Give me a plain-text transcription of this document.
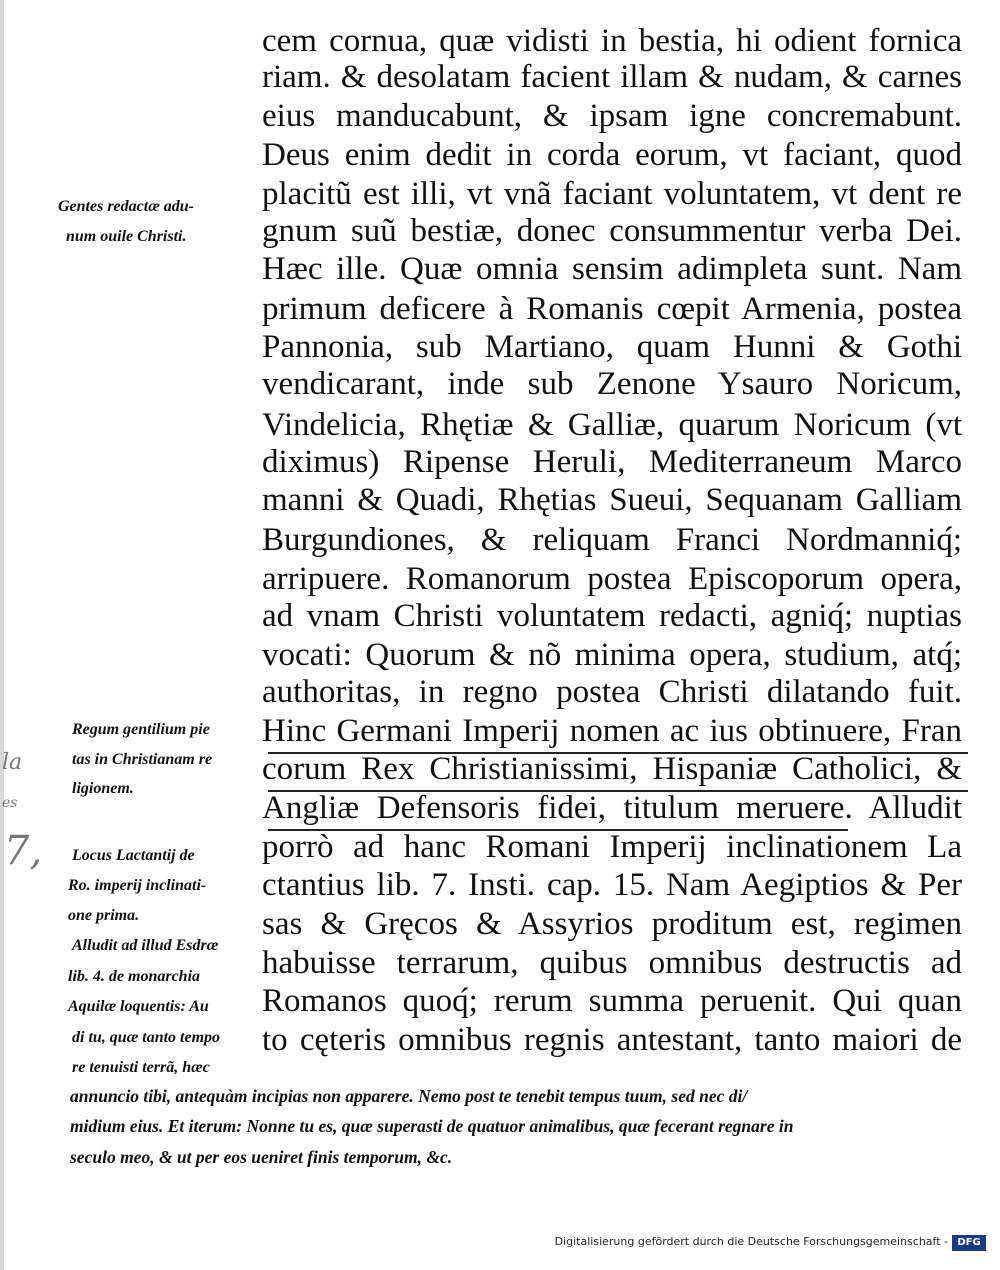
cem cornua, quæ vidisti in bestia, hi odient fornica
riam. & desolatam facient illam & nudam, & carnes
eius manducabunt, & ipsam igne concremabunt.
Deus enim dedit in corda eorum, vt faciant, quod
placitũ est illi, vt vnã faciant voluntatem, vt dent re
gnum suũ bestiæ, donec consummentur verba Dei.
Hæc ille. Quæ omnia sensim adimpleta sunt. Nam
primum deficere à Romanis cœpit Armenia, postea
Pannonia, sub Martiano, quam Hunni & Gothi
vendicarant, inde sub Zenone Ysauro Noricum,
Vindelicia, Rhętiæ & Galliæ, quarum Noricum (vt
diximus) Ripense Heruli, Mediterraneum Marco
manni & Quadi, Rhętias Sueui, Sequanam Galliam
Burgundiones, & reliquam Franci Nordmanniq́;
arripuere. Romanorum postea Episcoporum opera,
ad vnam Christi voluntatem redacti, agniq́; nuptias
vocati: Quorum & nõ minima opera, studium, atq́;
authoritas, in regno postea Christi dilatando fuit.
Hinc Germani Imperij nomen ac ius obtinuere, Fran
corum Rex Christianissimi, Hispaniæ Catholici, &
Angliæ Defensoris fidei, titulum meruere. Alludit
porrò ad hanc Romani Imperij inclinationem La
ctantius lib. 7. Insti. cap. 15. Nam Aegiptios & Per
sas & Gręcos & Assyrios proditum est, regimen
habuisse terrarum, quibus omnibus destructis ad
Romanos quoq́; rerum summa peruenit. Qui quan
to cęteris omnibus regnis antestant, tanto maiori de
Gentes redactæ adu-
num ouile Christi.
Regum gentilium pie
tas in Christianam re
ligionem.
Locus Lactantij de
Ro. imperij inclinati-
one prima.
Alludit ad illud Esdræ
lib. 4. de monarchia
Aquilæ loquentis: Au
di tu, quæ tanto tempo
re tenuisti terrã, hæc
la
es
7,
annuncio tibi, antequàm incipias non apparere. Nemo post te tenebit tempus tuum, sed nec di/
midium eius. Et iterum: Nonne tu es, quæ superasti de quatuor animalibus, quæ fecerant regnare in
seculo meo, & ut per eos ueniret finis temporum, &c.
Digitalisierung gefördert durch die Deutsche Forschungsgemeinschaft - DFG
